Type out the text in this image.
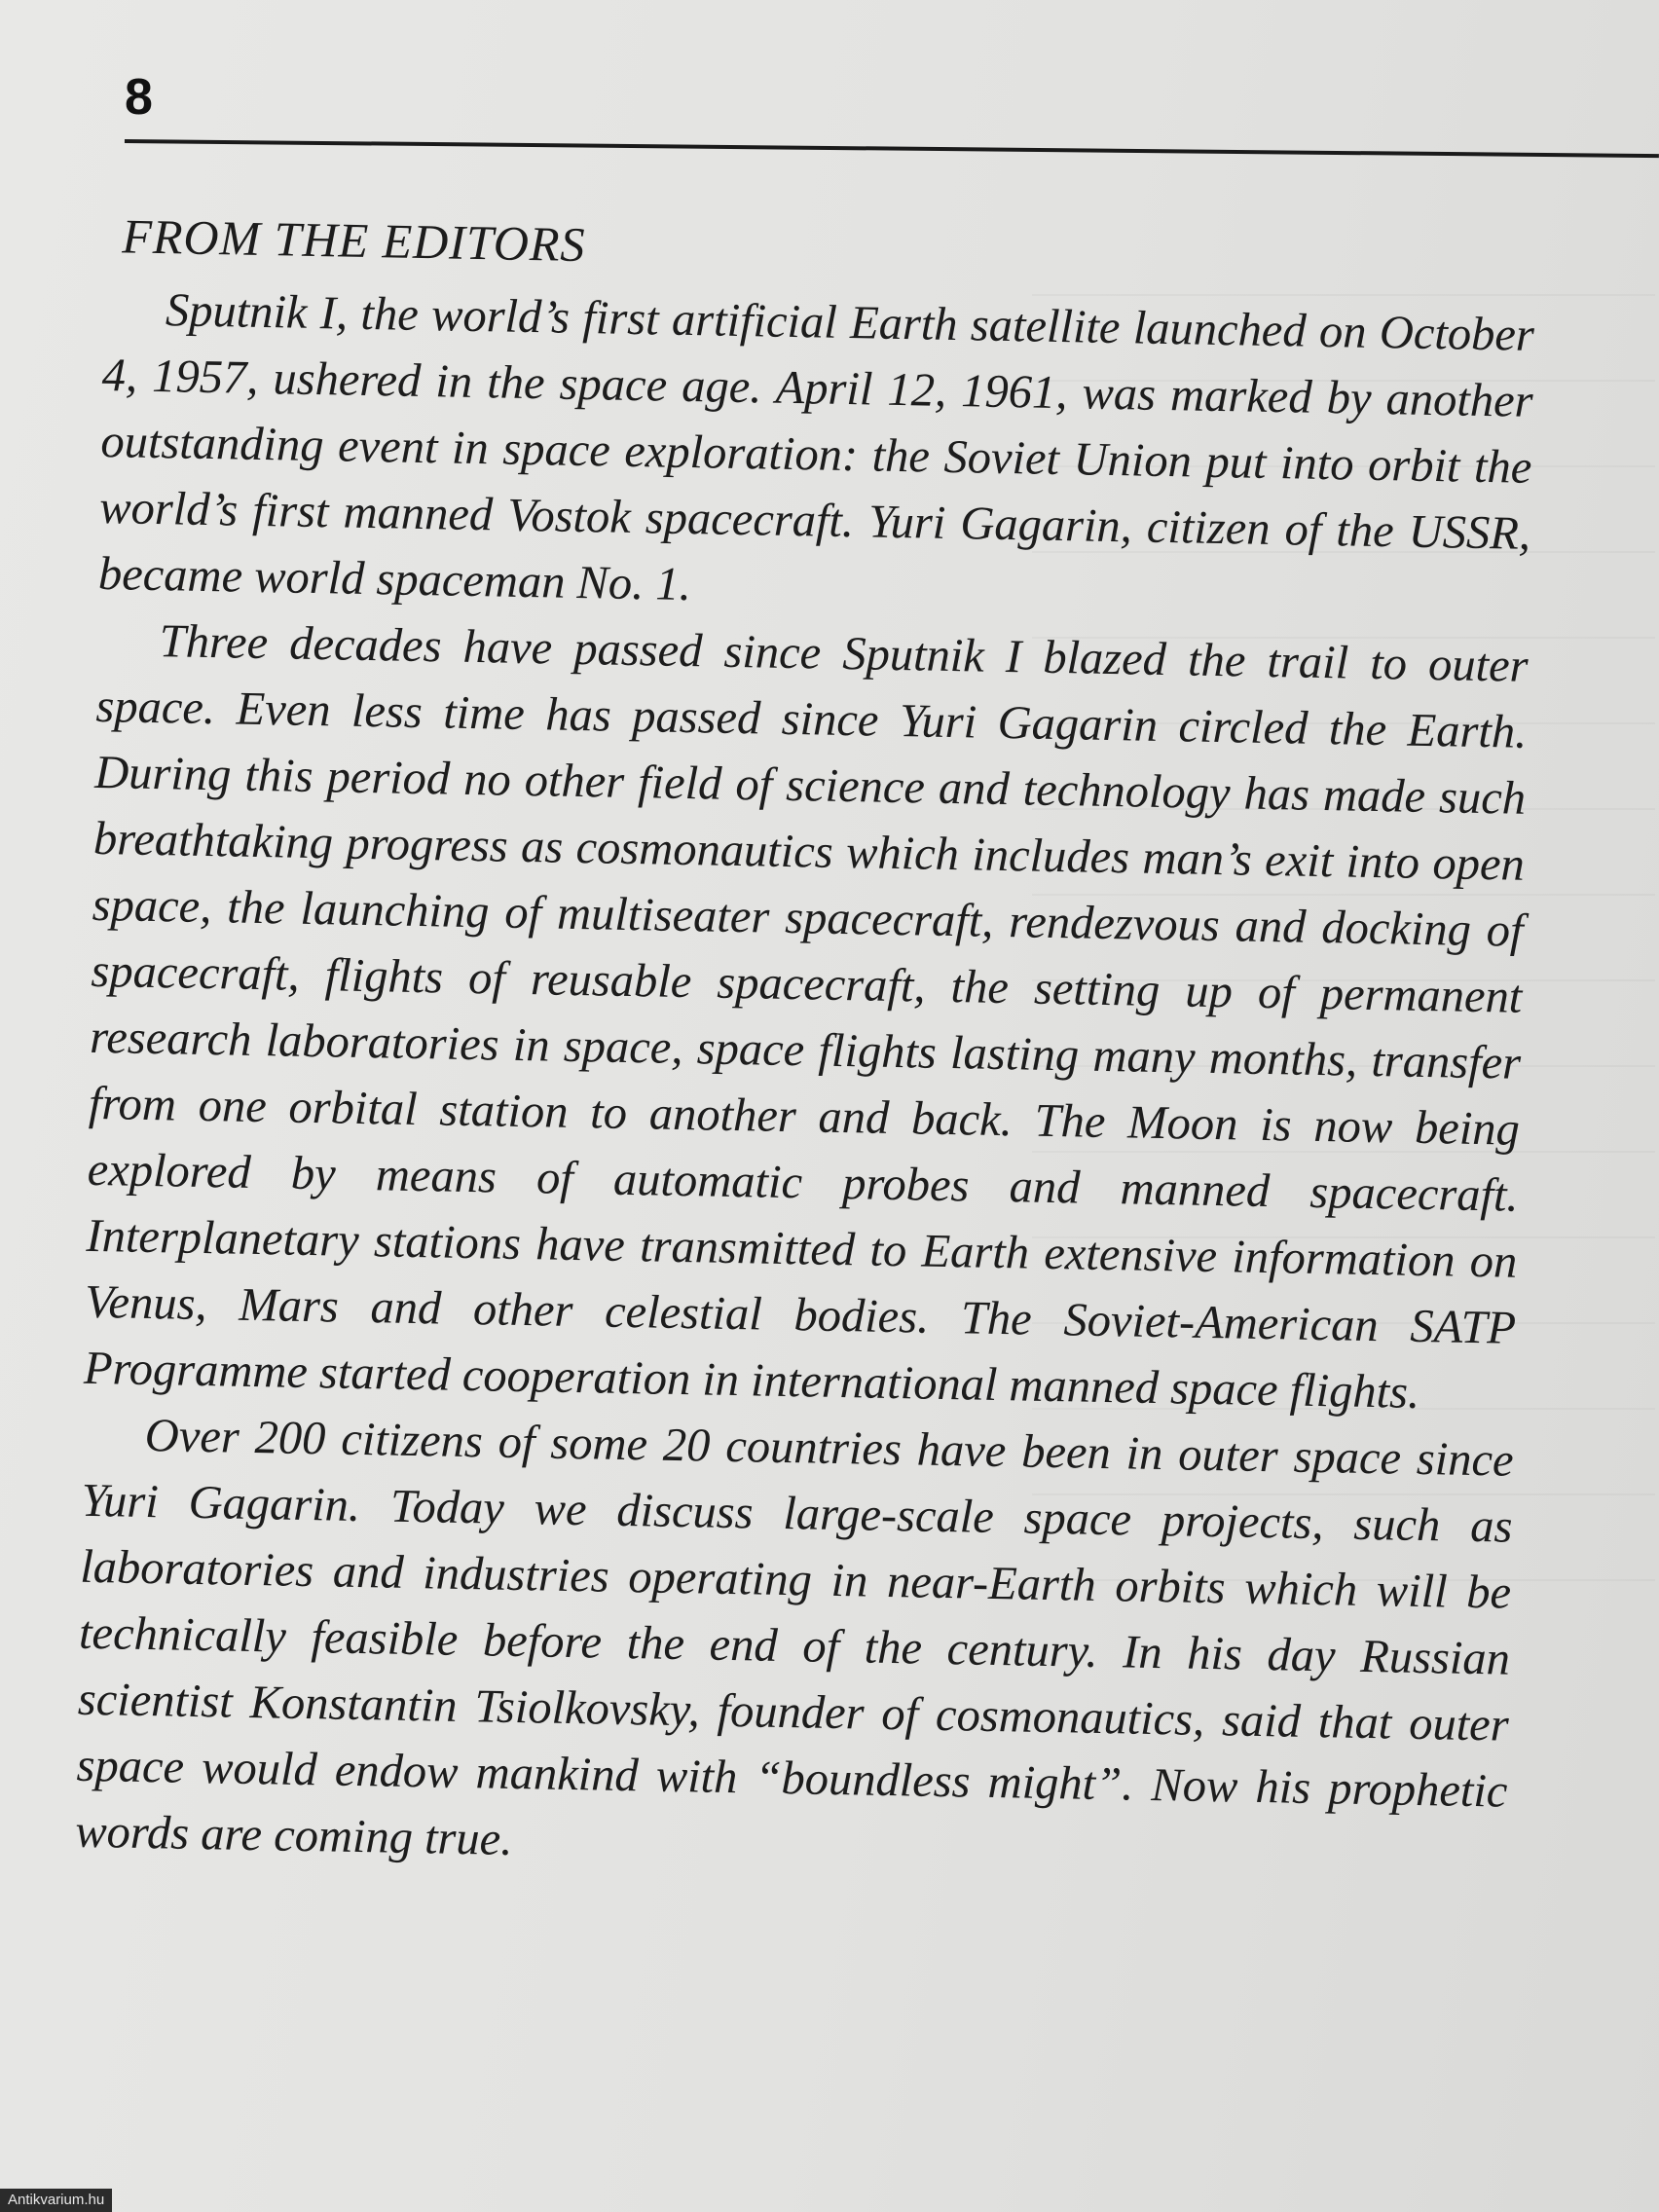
8
FROM THE EDITORS

Sputnik I, the world’s first artificial Earth satellite launched on October 4, 1957, ushered in the space age. April 12, 1961, was marked by another outstanding event in space exploration: the Soviet Union put into orbit the world’s first manned Vostok spacecraft. Yuri Gagarin, citizen of the USSR, became world spaceman No. 1.

Three decades have passed since Sputnik I blazed the trail to outer space. Even less time has passed since Yuri Gagarin circled the Earth. During this period no other field of science and technology has made such breathtaking progress as cosmonautics which includes man’s exit into open space, the launching of multiseater spacecraft, rendezvous and docking of spacecraft, flights of reusable spacecraft, the setting up of permanent research laboratories in space, space flights lasting many months, transfer from one orbital station to another and back. The Moon is now being explored by means of automatic probes and manned spacecraft. Interplanetary stations have transmitted to Earth extensive information on Venus, Mars and other celestial bodies. The Soviet-American SATP Programme started cooperation in international manned space flights.

Over 200 citizens of some 20 countries have been in outer space since Yuri Gagarin. Today we discuss large-scale space projects, such as laboratories and industries operating in near-Earth orbits which will be technically feasible before the end of the century. In his day Russian scientist Konstantin Tsiolkovsky, founder of cosmonautics, said that outer space would endow mankind with “boundless might”. Now his prophetic words are coming true.

Antikvarium.hu
